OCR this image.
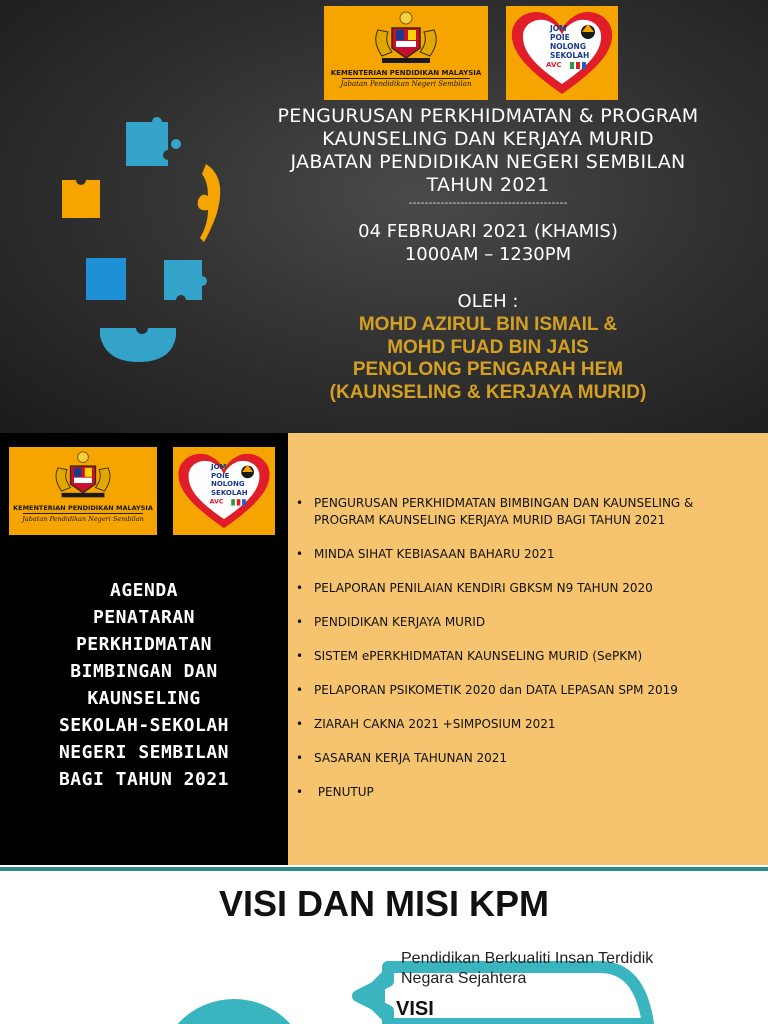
KEMENTERIAN PENDIDIKAN MALAYSIA
Jabatan Pendidikan Negeri Sembilan
AVC
JOM
POIE
NOLONG
SEKOLAH
PENGURUSAN PERKHIDMATAN & PROGRAM
KAUNSELING DAN KERJAYA MURID
JABATAN PENDIDIKAN NEGERI SEMBILAN
TAHUN 2021
----------------------------------------
04 FEBRUARI 2021 (KHAMIS)
1000AM – 1230PM
OLEH :
MOHD AZIRUL BIN ISMAIL &
MOHD FUAD BIN JAIS
PENOLONG PENGARAH HEM
(KAUNSELING & KERJAYA MURID)
KEMENTERIAN PENDIDIKAN MALAYSIA
Jabatan Pendidikan Negeri Sembilan
AVC
JOM
POIE
NOLONG
SEKOLAH
AGENDA
PENATARAN
PERKHIDMATAN
BIMBINGAN DAN
KAUNSELING
SEKOLAH-SEKOLAH
NEGERI SEMBILAN
BAGI TAHUN 2021
• PENGURUSAN PERKHIDMATAN BIMBINGAN DAN KAUNSELING & PROGRAM KAUNSELING KERJAYA MURID BAGI TAHUN 2021
• MINDA SIHAT KEBIASAAN BAHARU 2021
• PELAPORAN PENILAIAN KENDIRI GBKSM N9 TAHUN 2020
• PENDIDIKAN KERJAYA MURID
• SISTEM ePERKHIDMATAN KAUNSELING MURID (SePKM)
• PELAPORAN PSIKOMETIK 2020 dan DATA LEPASAN SPM 2019
• ZIARAH CAKNA 2021 +SIMPOSIUM 2021
• SASARAN KERJA TAHUNAN 2021
• PENUTUP
VISI DAN MISI KPM
Pendidikan Berkualiti Insan Terdidik
Negara Sejahtera
VISI
